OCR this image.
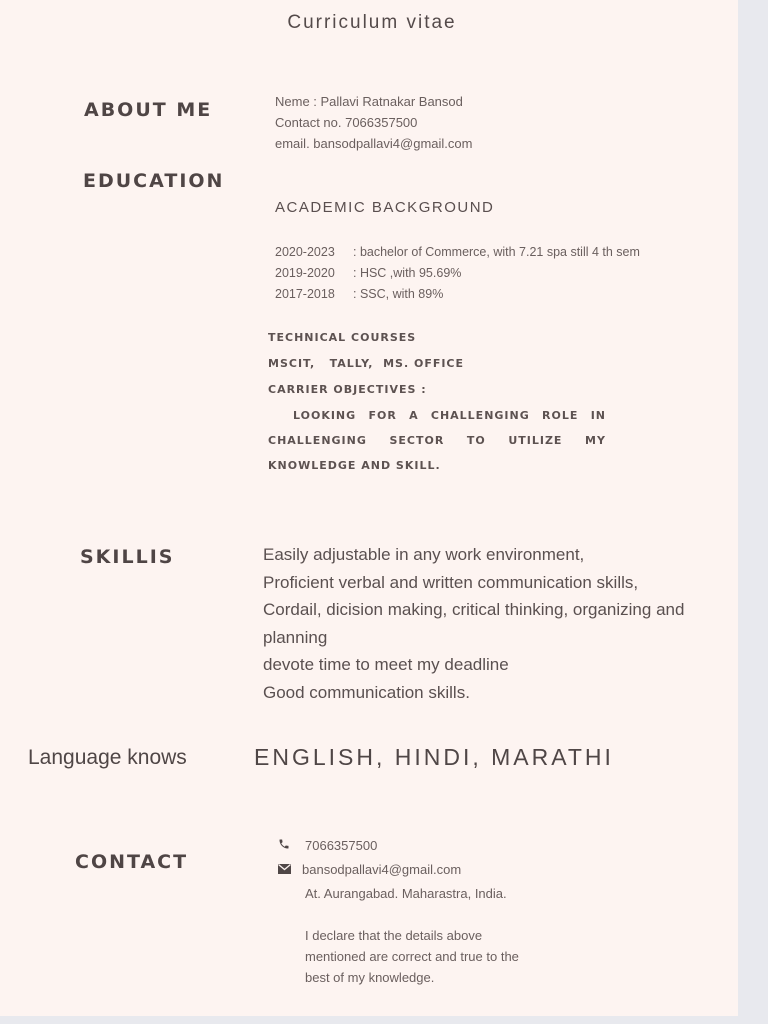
Curriculum vitae
ABOUT ME	Neme : Pallavi Ratnakar Bansod
Contact no. 7066357500
email. bansodpallavi4@gmail.com
EDUCATION
ACADEMIC BACKGROUND
2020-2023	: bachelor of Commerce, with 7.21 spa still 4 th sem
2019-2020	: HSC ,with 95.69%
2017-2018	: SSC, with 89%
TECHNICAL COURSES
MSCIT,   TALLY,  MS. OFFICE
CARRIER OBJECTIVES :
LOOKING FOR A CHALLENGING ROLE IN
CHALLENGING SECTOR TO UTILIZE MY
KNOWLEDGE AND SKILL.
SKILLIS	Easily adjustable in any work environment,
Proficient verbal and written communication skills,
Cordail, dicision making, critical thinking, organizing and
planning
devote time to meet my deadline
Good communication skills.
Language knows	ENGLISH, HINDI, MARATHI
CONTACT
7066357500
bansodpallavi4@gmail.com
At. Aurangabad. Maharastra, India.
I declare that the details above
mentioned are correct and true to the
best of my knowledge.
